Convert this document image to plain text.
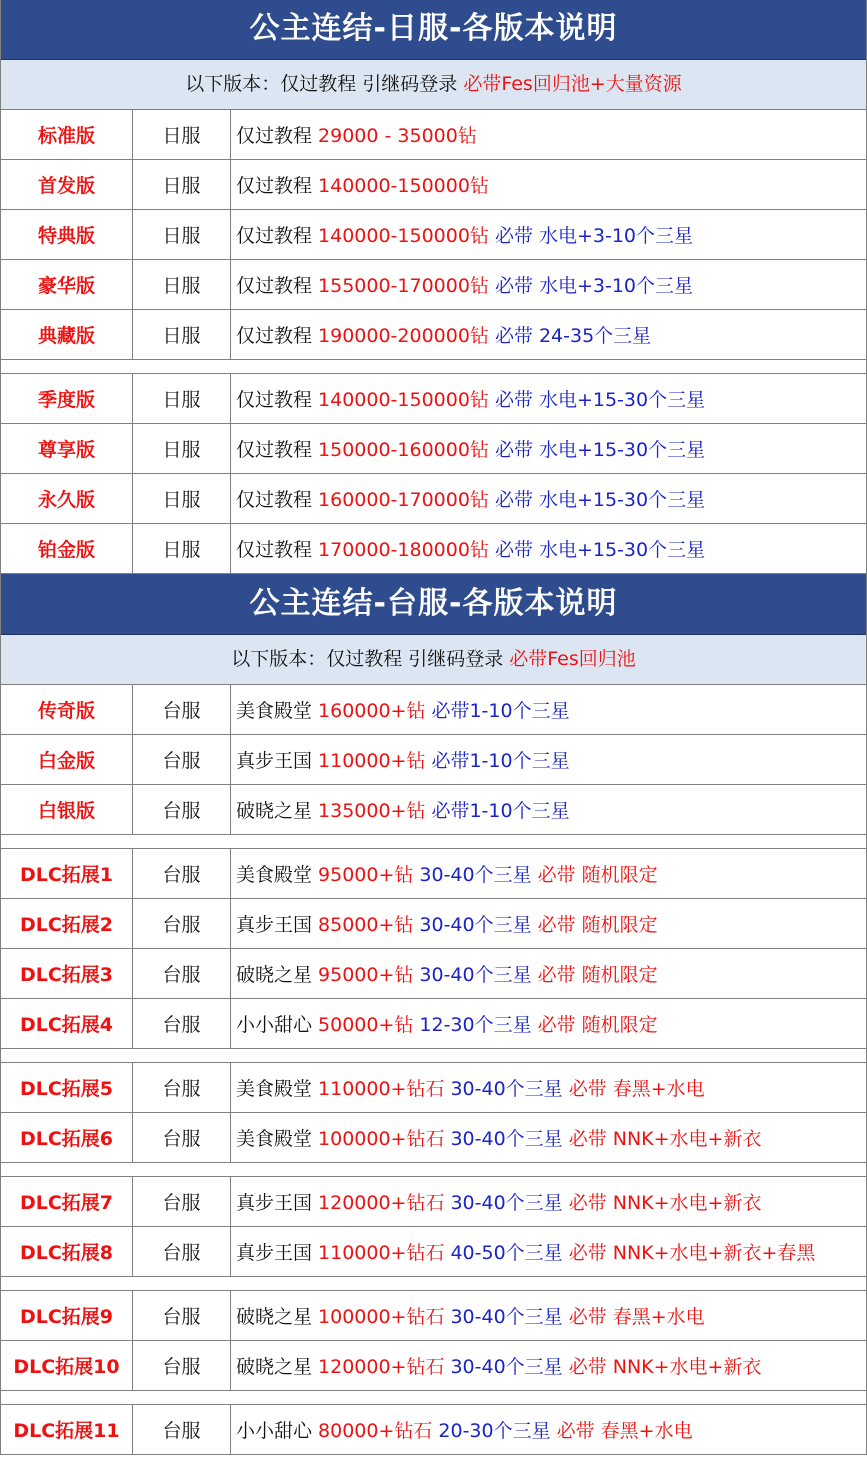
公主连结-日服-各版本说明
以下版本：仅过教程 引继码登录 必带Fes回归池+大量资源
标准版	日服	仅过教程 29000 - 35000钻
首发版	日服	仅过教程 140000-150000钻
特典版	日服	仅过教程 140000-150000钻 必带 水电+3-10个三星
豪华版	日服	仅过教程 155000-170000钻 必带 水电+3-10个三星
典藏版	日服	仅过教程 190000-200000钻 必带 24-35个三星
季度版	日服	仅过教程 140000-150000钻 必带 水电+15-30个三星
尊享版	日服	仅过教程 150000-160000钻 必带 水电+15-30个三星
永久版	日服	仅过教程 160000-170000钻 必带 水电+15-30个三星
铂金版	日服	仅过教程 170000-180000钻 必带 水电+15-30个三星
公主连结-台服-各版本说明
以下版本：仅过教程 引继码登录 必带Fes回归池
传奇版	台服	美食殿堂 160000+钻 必带1-10个三星
白金版	台服	真步王国 110000+钻 必带1-10个三星
白银版	台服	破晓之星 135000+钻 必带1-10个三星
DLC拓展1	台服	美食殿堂 95000+钻 30-40个三星 必带 随机限定
DLC拓展2	台服	真步王国 85000+钻 30-40个三星 必带 随机限定
DLC拓展3	台服	破晓之星 95000+钻 30-40个三星 必带 随机限定
DLC拓展4	台服	小小甜心 50000+钻 12-30个三星 必带 随机限定
DLC拓展5	台服	美食殿堂 110000+钻石 30-40个三星 必带 春黑+水电
DLC拓展6	台服	美食殿堂 100000+钻石 30-40个三星 必带 NNK+水电+新衣
DLC拓展7	台服	真步王国 120000+钻石 30-40个三星 必带 NNK+水电+新衣
DLC拓展8	台服	真步王国 110000+钻石 40-50个三星 必带 NNK+水电+新衣+春黑
DLC拓展9	台服	破晓之星 100000+钻石 30-40个三星 必带 春黑+水电
DLC拓展10	台服	破晓之星 120000+钻石 30-40个三星 必带 NNK+水电+新衣
DLC拓展11	台服	小小甜心 80000+钻石 20-30个三星 必带 春黑+水电
